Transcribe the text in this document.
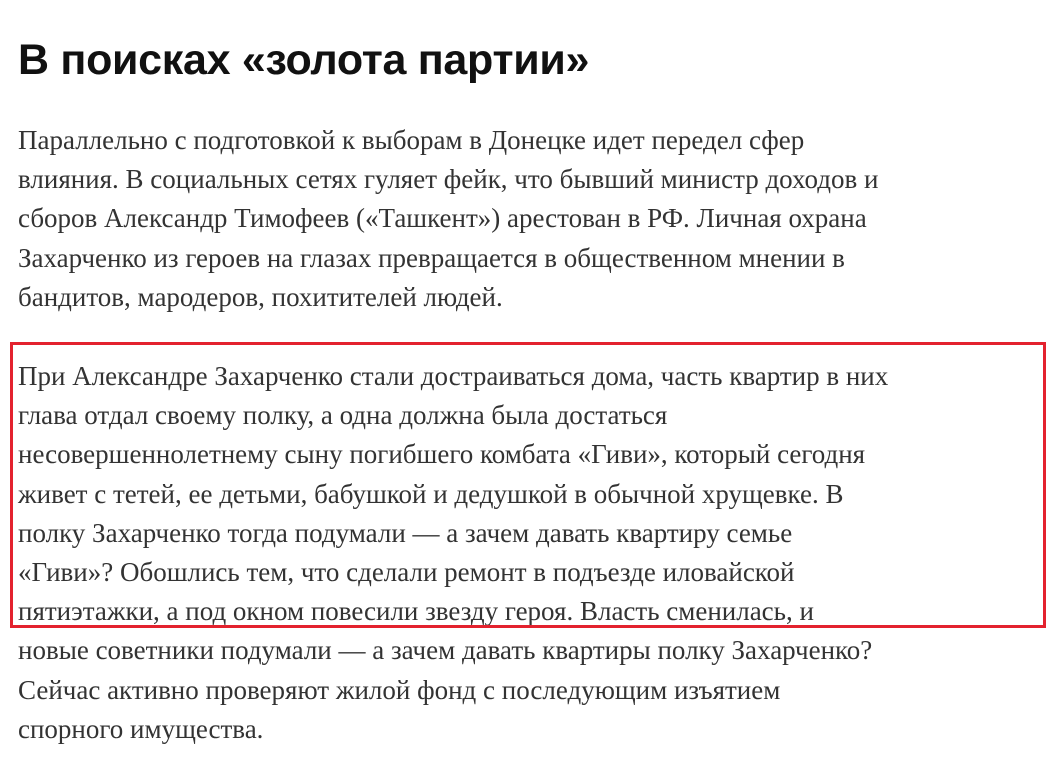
В поисках «золота партии»

Параллельно с подготовкой к выборам в Донецке идет передел сфер
влияния. В социальных сетях гуляет фейк, что бывший министр доходов и
сборов Александр Тимофеев («Ташкент») арестован в РФ. Личная охрана
Захарченко из героев на глазах превращается в общественном мнении в
бандитов, мародеров, похитителей людей.

При Александре Захарченко стали достраиваться дома, часть квартир в них
глава отдал своему полку, а одна должна была достаться
несовершеннолетнему сыну погибшего комбата «Гиви», который сегодня
живет с тетей, ее детьми, бабушкой и дедушкой в обычной хрущевке. В
полку Захарченко тогда подумали — а зачем давать квартиру семье
«Гиви»? Обошлись тем, что сделали ремонт в подъезде иловайской
пятиэтажки, а под окном повесили звезду героя. Власть сменилась, и
новые советники подумали — а зачем давать квартиры полку Захарченко?
Сейчас активно проверяют жилой фонд с последующим изъятием
спорного имущества.
